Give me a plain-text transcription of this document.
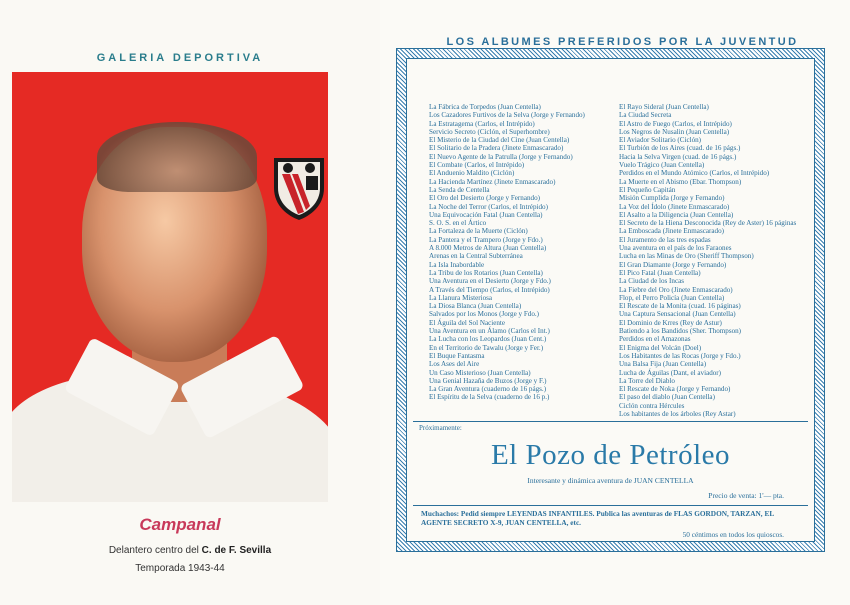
GALERIA DEPORTIVA
Campanal
Delantero centro del C. de F. Sevilla
Temporada 1943-44
LOS ALBUMES PREFERIDOS POR LA JUVENTUD
La Fábrica de Torpedos (Juan Centella)
Los Cazadores Furtivos de la Selva (Jorge y Fernando)
La Estratagema (Carlos, el Intrépido)
Servicio Secreto (Ciclón, el Superhombre)
El Misterio de la Ciudad del Cine (Juan Centella)
El Solitario de la Pradera (Jinete Enmascarado)
El Nuevo Agente de la Patrulla (Jorge y Fernando)
El Combate (Carlos, el Intrépido)
El Anduenio Maldito (Ciclón)
La Hacienda Martínez (Jinete Enmascarado)
La Senda de Centella
El Oro del Desierto (Jorge y Fernando)
La Noche del Terror (Carlos, el Intrépido)
Una Equivocación Fatal (Juan Centella)
S. O. S. en el Ártico
La Fortaleza de la Muerte (Ciclón)
La Pantera y el Trampero (Jorge y Fdo.)
A 8.000 Metros de Altura (Juan Centella)
Arenas en la Central Subterránea
La Isla Inabordable
La Tribu de los Rotarios (Juan Centella)
Una Aventura en el Desierto (Jorge y Fdo.)
A Través del Tiempo (Carlos, el Intrépido)
La Llanura Misteriosa
La Diosa Blanca (Juan Centella)
Salvados por los Monos (Jorge y Fdo.)
El Águila del Sol Naciente
Una Aventura en un Álamo (Carlos el Int.)
La Lucha con los Leopardos (Juan Cent.)
En el Territorio de Tawalu (Jorge y Fer.)
El Buque Fantasma
Los Ases del Aire
Un Caso Misterioso (Juan Centella)
Una Genial Hazaña de Buzos (Jorge y F.)
La Gran Aventura (cuaderno de 16 págs.)
El Espíritu de la Selva (cuaderno de 16 p.)
El Rayo Sideral (Juan Centella)
La Ciudad Secreta
El Astro de Fuego (Carlos, el Intrépido)
Los Negros de Nusalin (Juan Centella)
El Aviador Solitario (Ciclón)
El Turbión de los Aires (cuad. de 16 págs.)
Hacia la Selva Virgen (cuad. de 16 págs.)
Vuelo Trágico (Juan Centella)
Perdidos en el Mundo Atómico (Carlos, el Intrépido)
La Muerte en el Abismo (Ebar. Thompson)
El Pequeño Capitán
Misión Cumplida (Jorge y Fernando)
La Voz del Ídolo (Jinete Enmascarado)
El Asalto a la Diligencia (Juan Centella)
El Secreto de la Hiena Desconocida (Rey de Aster) 16 páginas
La Emboscada (Jinete Enmascarado)
El Juramento de las tres espadas
Una aventura en el país de los Faraones
Lucha en las Minas de Oro (Sheriff Thompson)
El Gran Diamante (Jorge y Fernando)
El Pico Fatal (Juan Centella)
La Ciudad de los Incas
La Fiebre del Oro (Jinete Enmascarado)
Flop, el Perro Policía (Juan Centella)
El Rescate de la Monita (cuad. 16 páginas)
Una Captura Sensacional (Juan Centella)
El Dominio de Krres (Rey de Astur)
Batiendo a los Bandidos (Sher. Thompson)
Perdidos en el Amazonas
El Enigma del Volcán (Doel)
Los Habitantes de las Rocas (Jorge y Fdo.)
Una Balsa Fija (Juan Centella)
Lucha de Águilas (Dant, el aviador)
La Torre del Diablo
El Rescate de Noka (Jorge y Fernando)
El paso del diablo (Juan Centella)
Ciclón contra Hércules
Los habitantes de los árboles (Rey Astar)
Próximamente:
El Pozo de Petróleo
Interesante y dinámica aventura de JUAN CENTELLA
Precio de venta: 1'— pta.
Muchachos: Pedid siempre LEYENDAS INFANTILES. Publica las aventuras de FLAS GORDON, TARZAN, EL AGENTE SECRETO X-9, JUAN CENTELLA, etc.
50 céntimos en todos los quioscos.
